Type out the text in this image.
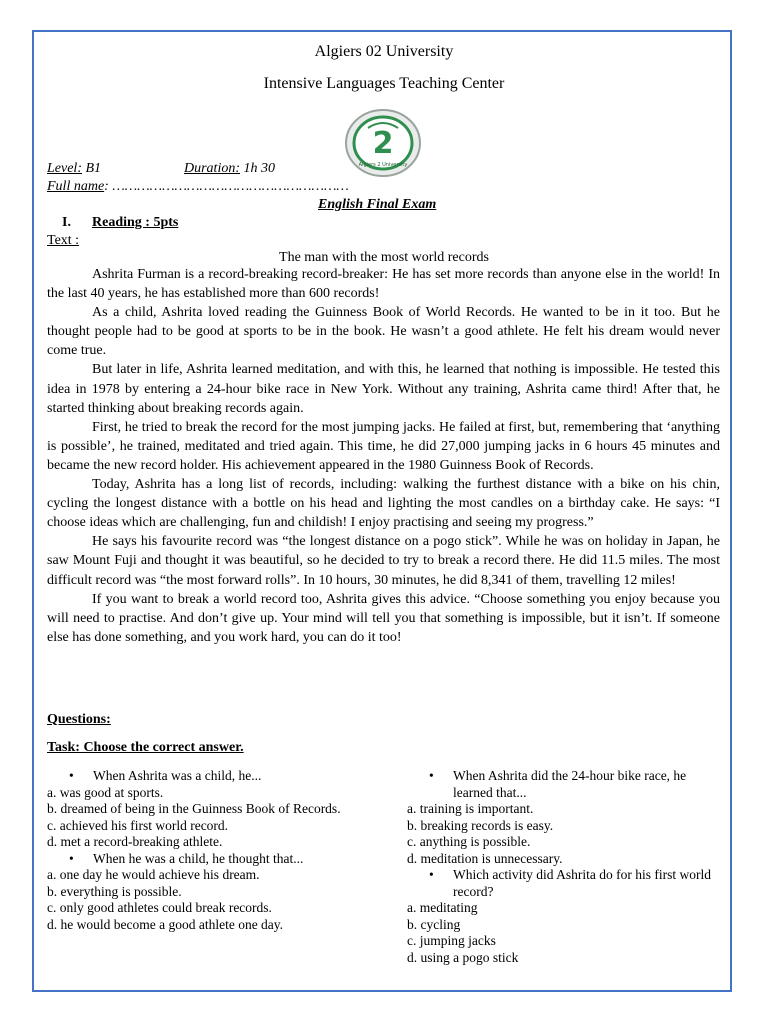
Algiers 02 University
Intensive Languages Teaching Center
2
Algiers 2 University
Level: B1	Duration: 1h 30
Full name: …………………………………………………
English Final Exam
I. Reading : 5pts
Text :
The man with the most world records

Ashrita Furman is a record-breaking record-breaker: He has set more records than anyone else in the world! In the last 40 years, he has established more than 600 records!

As a child, Ashrita loved reading the Guinness Book of World Records. He wanted to be in it too. But he thought people had to be good at sports to be in the book. He wasn’t a good athlete. He felt his dream would never come true.

But later in life, Ashrita learned meditation, and with this, he learned that nothing is impossible. He tested this idea in 1978 by entering a 24-hour bike race in New York. Without any training, Ashrita came third! After that, he started thinking about breaking records again.

First, he tried to break the record for the most jumping jacks. He failed at first, but, remembering that ‘anything is possible’, he trained, meditated and tried again. This time, he did 27,000 jumping jacks in 6 hours 45 minutes and became the new record holder. His achievement appeared in the 1980 Guinness Book of Records.

Today, Ashrita has a long list of records, including: walking the furthest distance with a bike on his chin, cycling the longest distance with a bottle on his head and lighting the most candles on a birthday cake. He says: “I choose ideas which are challenging, fun and childish! I enjoy practising and seeing my progress.”

He says his favourite record was “the longest distance on a pogo stick”. While he was on holiday in Japan, he saw Mount Fuji and thought it was beautiful, so he decided to try to break a record there. He did 11.5 miles. The most difficult record was “the most forward rolls”. In 10 hours, 30 minutes, he did 8,341 of them, travelling 12 miles!

If you want to break a world record too, Ashrita gives this advice. “Choose something you enjoy because you will need to practise. And don’t give up. Your mind will tell you that something is impossible, but it isn’t. If someone else has done something, and you work hard, you can do it too!

Questions:
Task: Choose the correct answer.
• When Ashrita was a child, he...
a. was good at sports.
b. dreamed of being in the Guinness Book of Records.
c. achieved his first world record.
d. met a record-breaking athlete.
• When he was a child, he thought that...
a. one day he would achieve his dream.
b. everything is possible.
c. only good athletes could break records.
d. he would become a good athlete one day.
• When Ashrita did the 24-hour bike race, he learned that...
a. training is important.
b. breaking records is easy.
c. anything is possible.
d. meditation is unnecessary.
• Which activity did Ashrita do for his first world record?
a. meditating
b. cycling
c. jumping jacks
d. using a pogo stick
